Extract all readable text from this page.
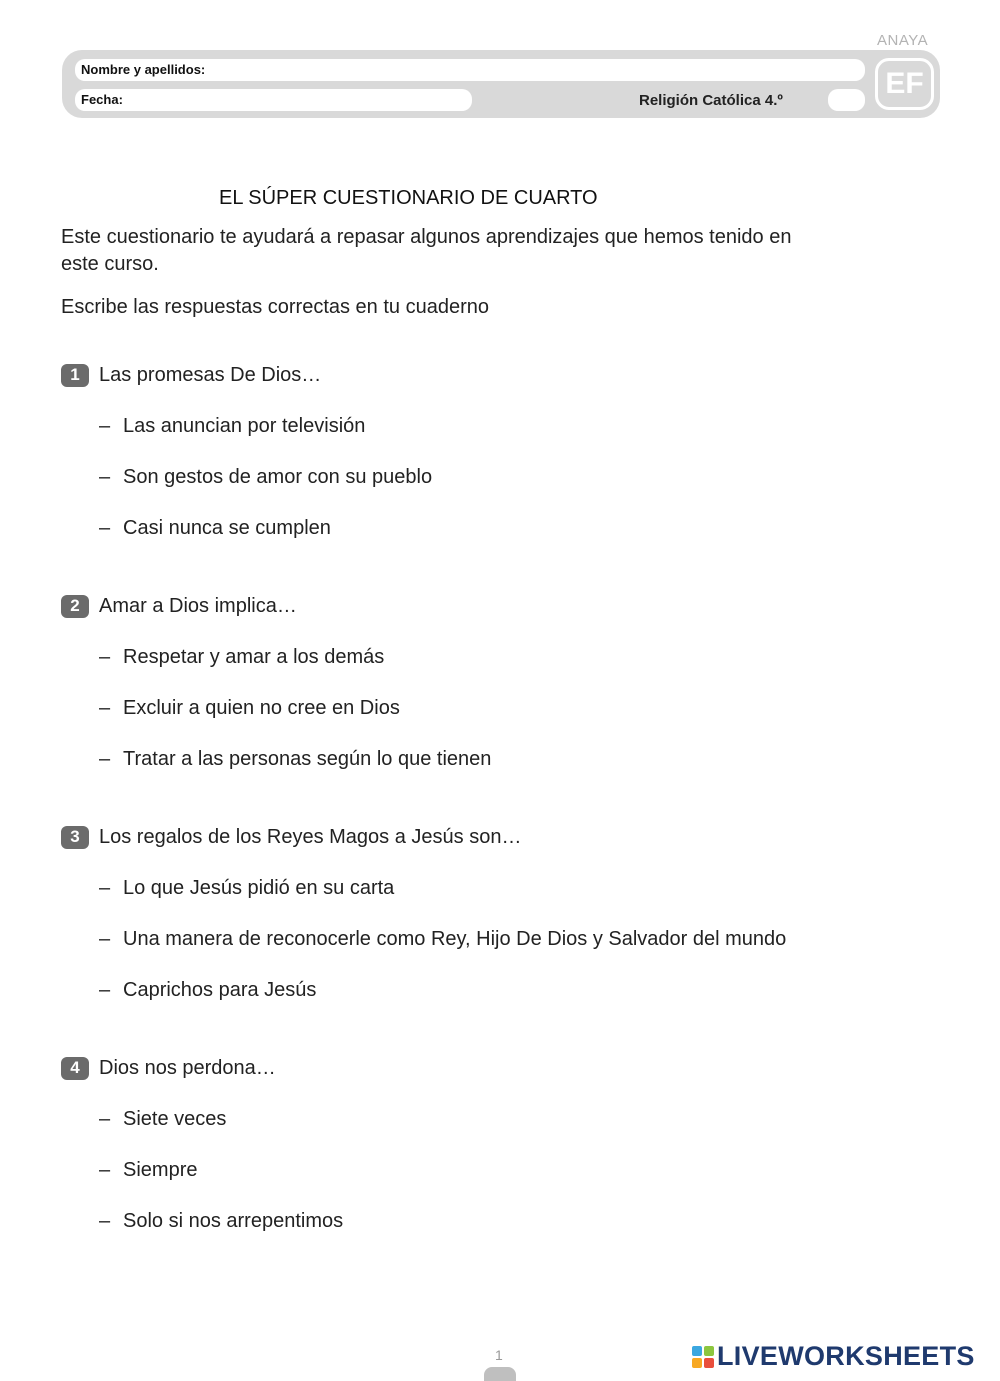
ANAYA
Nombre y apellidos:
Fecha:	Religión Católica 4.º
EF
EL SÚPER CUESTIONARIO DE CUARTO

Este cuestionario te ayudará a repasar algunos aprendizajes que hemos tenido en este curso.

Escribe las respuestas correctas en tu cuaderno
1 Las promesas De Dios…
– Las anuncian por televisión
– Son gestos de amor con su pueblo
– Casi nunca se cumplen
2 Amar a Dios implica…
– Respetar y amar a los demás
– Excluir a quien no cree en Dios
– Tratar a las personas según lo que tienen
3 Los regalos de los Reyes Magos a Jesús son…
– Lo que Jesús pidió en su carta
– Una manera de reconocerle como Rey, Hijo De Dios y Salvador del mundo
– Caprichos para Jesús
4 Dios nos perdona…
– Siete veces
– Siempre
– Solo si nos arrepentimos
1	LIVEWORKSHEETS
